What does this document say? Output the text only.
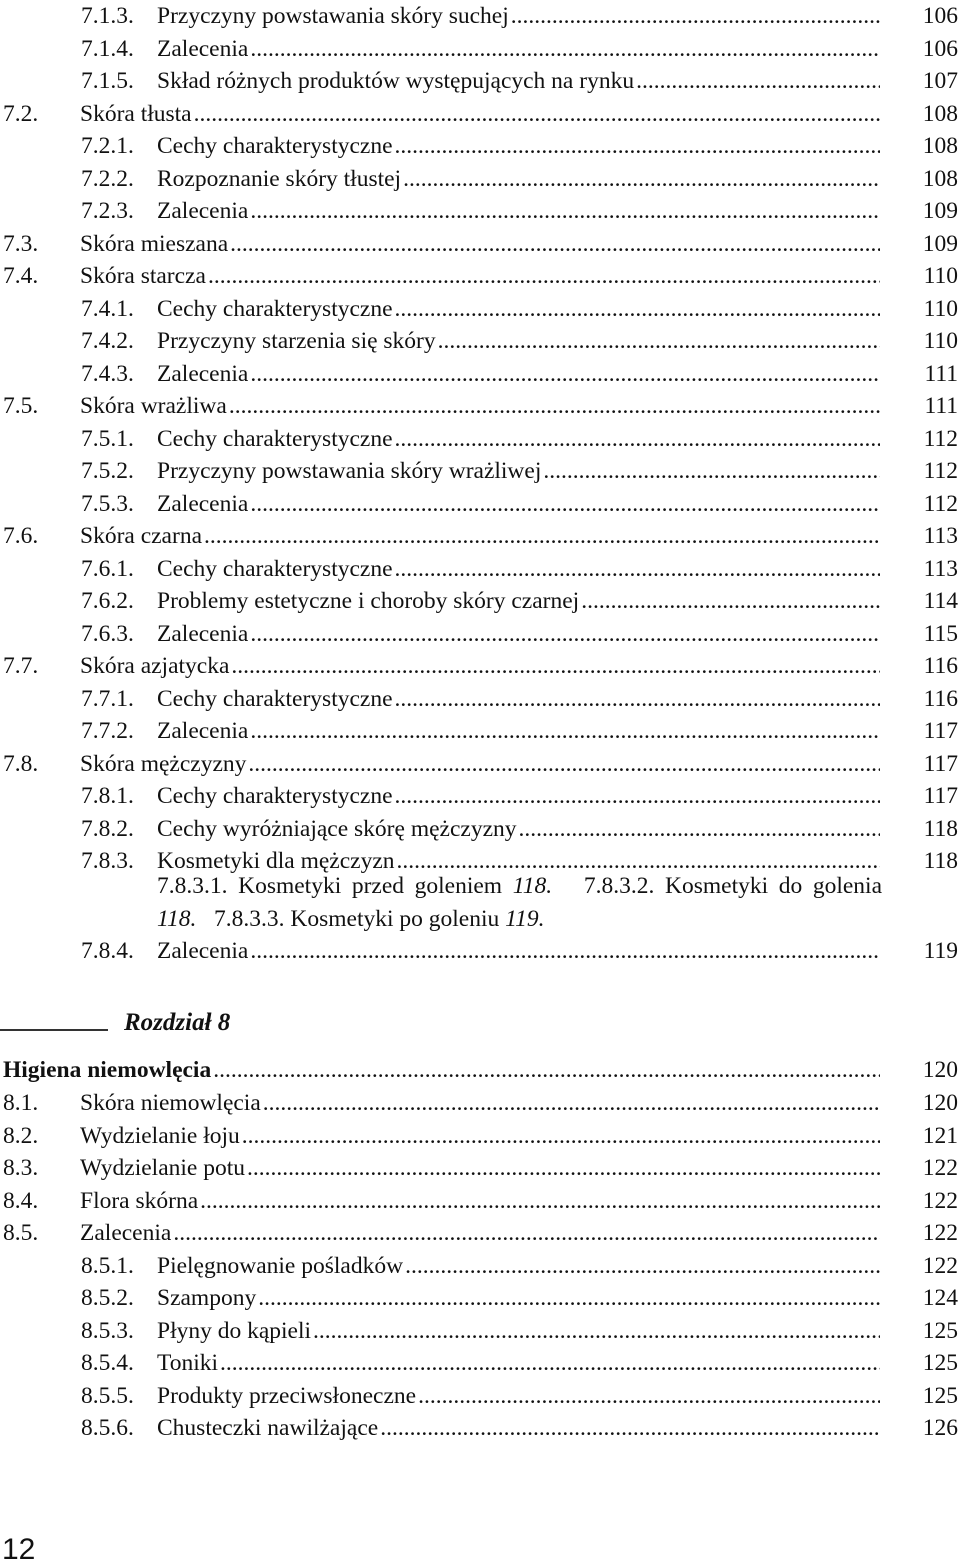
7.1.3. Przyczyny powstawania skóry suchej .....	106
7.1.4. Zalecenia .....	106
7.1.5. Skład różnych produktów występujących na rynku .....	107
7.2.	Skóra tłusta .....	108
7.2.1. Cechy charakterystyczne .....	108
7.2.2. Rozpoznanie skóry tłustej .....	108
7.2.3. Zalecenia .....	109
7.3.	Skóra mieszana .....	109
7.4.	Skóra starcza .....	110
7.4.1. Cechy charakterystyczne .....	110
7.4.2. Przyczyny starzenia się skóry .....	110
7.4.3. Zalecenia .....	111
7.5.	Skóra wrażliwa .....	111
7.5.1. Cechy charakterystyczne .....	112
7.5.2. Przyczyny powstawania skóry wrażliwej .....	112
7.5.3. Zalecenia .....	112
7.6.	Skóra czarna .....	113
7.6.1. Cechy charakterystyczne .....	113
7.6.2. Problemy estetyczne i choroby skóry czarnej .....	114
7.6.3. Zalecenia .....	115
7.7.	Skóra azjatycka .....	116
7.7.1. Cechy charakterystyczne .....	116
7.7.2. Zalecenia .....	117
7.8.	Skóra mężczyzny .....	117
7.8.1. Cechy charakterystyczne .....	117
7.8.2. Cechy wyróżniające skórę mężczyzny .....	118
7.8.3. Kosmetyki dla mężczyzn .....	118
7.8.3.1. Kosmetyki przed goleniem 118. 7.8.3.2. Kosmetyki do golenia 118. 7.8.3.3. Kosmetyki po goleniu 119.
7.8.4. Zalecenia .....	119
Rozdział 8
Higiena niemowlęcia .....	120
8.1.	Skóra niemowlęcia .....	120
8.2.	Wydzielanie łoju .....	121
8.3.	Wydzielanie potu .....	122
8.4.	Flora skórna .....	122
8.5.	Zalecenia .....	122
8.5.1. Pielęgnowanie pośladków .....	122
8.5.2. Szampony .....	124
8.5.3. Płyny do kąpieli .....	125
8.5.4. Toniki .....	125
8.5.5. Produkty przeciwsłoneczne .....	125
8.5.6. Chusteczki nawilżające .....	126
12
